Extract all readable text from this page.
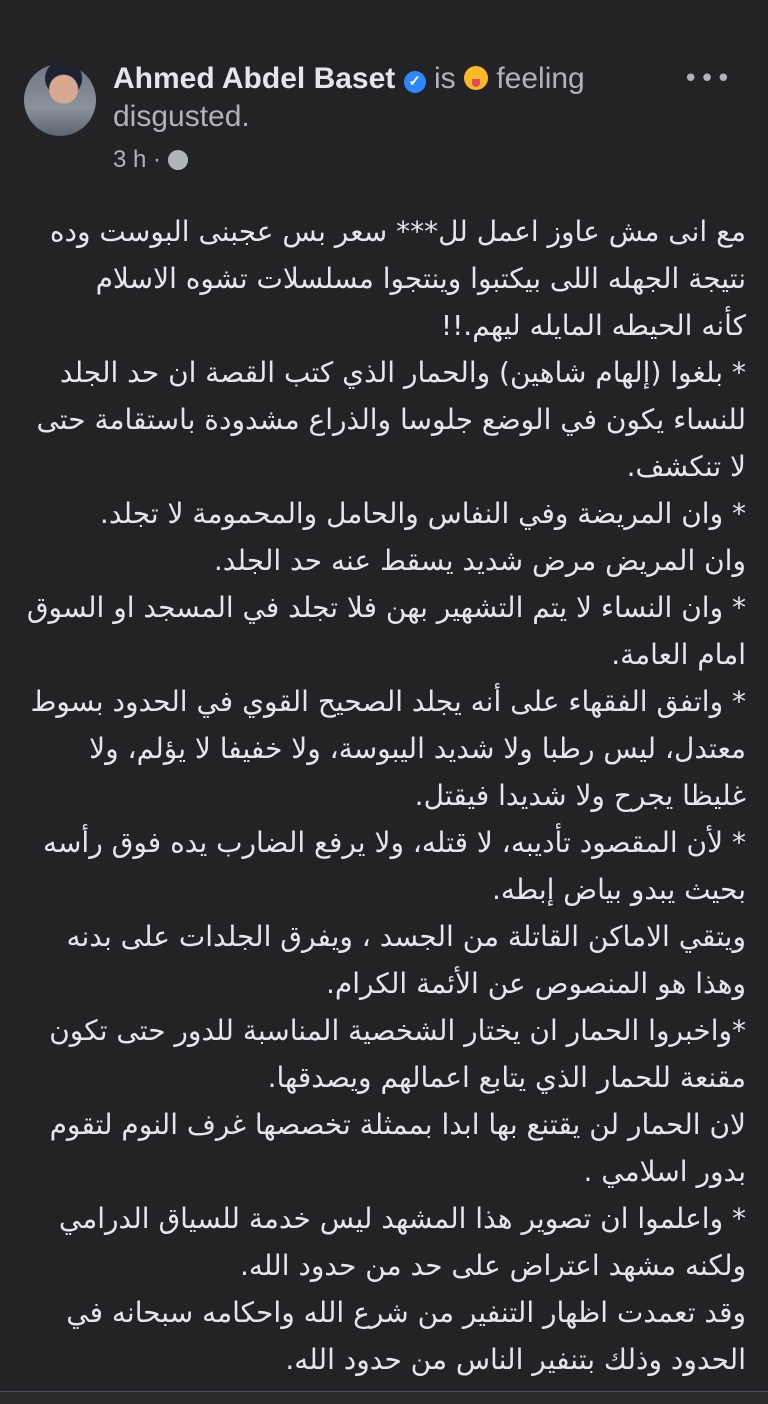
Ahmed Abdel Baset ✓ is feeling
disgusted.
3 h ·
•••
مع انى مش عاوز اعمل لل*** سعر بس عجبنى البوست وده
نتيجة الجهله اللى بيكتبوا وينتجوا مسلسلات تشوه الاسلام
كأنه الحيطه المايله ليهم.!!
* بلغوا (إلهام شاهين) والحمار الذي كتب القصة ان حد الجلد
للنساء يكون في الوضع جلوسا والذراع مشدودة باستقامة حتى
لا تنكشف.
* وان المريضة وفي النفاس والحامل والمحمومة لا تجلد.
وان المريض مرض شديد يسقط عنه حد الجلد.
* وان النساء لا يتم التشهير بهن فلا تجلد في المسجد او السوق
امام العامة.
* واتفق الفقهاء على أنه يجلد الصحيح القوي في الحدود بسوط
معتدل، ليس رطبا ولا شديد اليبوسة، ولا خفيفا لا يؤلم، ولا
غليظا يجرح ولا شديدا فيقتل.
* لأن المقصود تأديبه، لا قتله، ولا يرفع الضارب يده فوق رأسه
بحيث يبدو بياض إبطه.
ويتقي الاماكن القاتلة من الجسد ، ويفرق الجلدات على بدنه
وهذا هو المنصوص عن الأئمة الكرام.
*واخبروا الحمار ان يختار الشخصية المناسبة للدور حتى تكون
مقنعة للحمار الذي يتابع اعمالهم ويصدقها.
لان الحمار لن يقتنع بها ابدا بممثلة تخصصها غرف النوم لتقوم
بدور اسلامي .
* واعلموا ان تصوير هذا المشهد ليس خدمة للسياق الدرامي
ولكنه مشهد اعتراض على حد من حدود الله.
وقد تعمدت اظهار التنفير من شرع الله واحكامه سبحانه في
الحدود وذلك بتنفير الناس من حدود الله.
